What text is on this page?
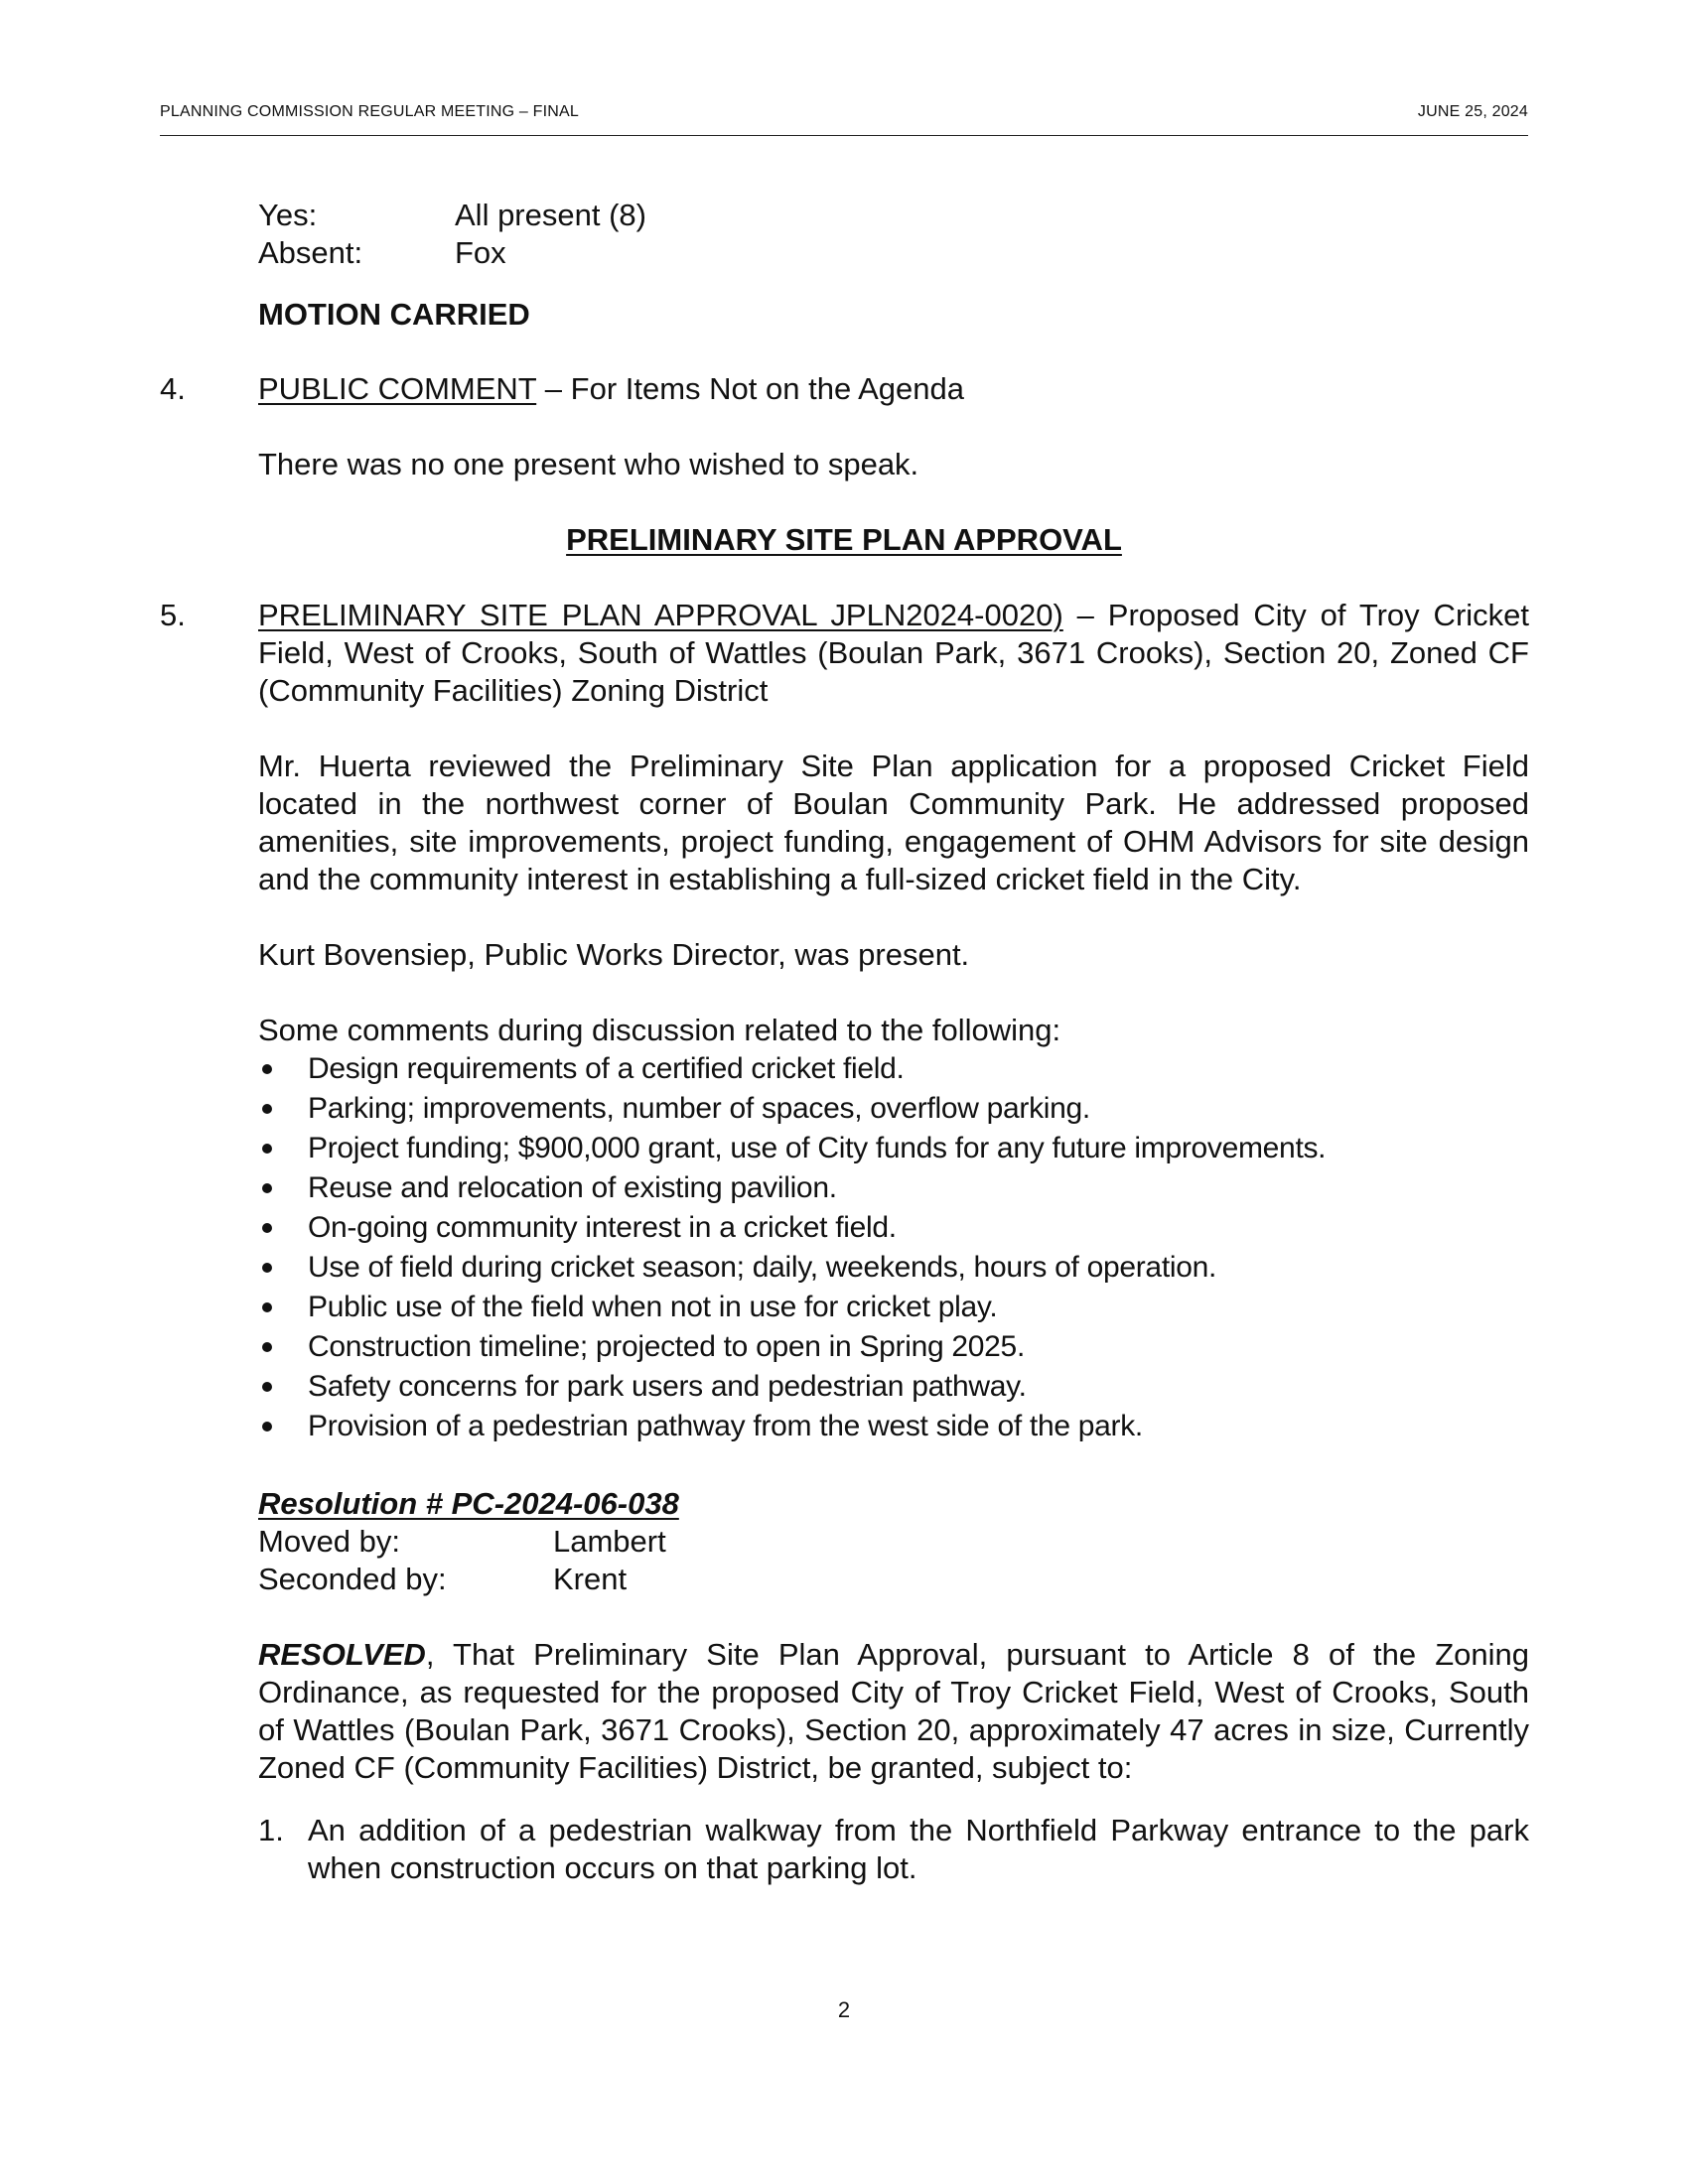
PLANNING COMMISSION REGULAR MEETING – FINAL	JUNE 25, 2024
Yes:	All present (8)
Absent:	Fox
MOTION CARRIED
4. PUBLIC COMMENT – For Items Not on the Agenda
There was no one present who wished to speak.
PRELIMINARY SITE PLAN APPROVAL
5. PRELIMINARY SITE PLAN APPROVAL JPLN2024-0020) – Proposed City of Troy Cricket Field, West of Crooks, South of Wattles (Boulan Park, 3671 Crooks), Section 20, Zoned CF (Community Facilities) Zoning District
Mr. Huerta reviewed the Preliminary Site Plan application for a proposed Cricket Field located in the northwest corner of Boulan Community Park. He addressed proposed amenities, site improvements, project funding, engagement of OHM Advisors for site design and the community interest in establishing a full-sized cricket field in the City.
Kurt Bovensiep, Public Works Director, was present.
Some comments during discussion related to the following:
Design requirements of a certified cricket field.
Parking; improvements, number of spaces, overflow parking.
Project funding; $900,000 grant, use of City funds for any future improvements.
Reuse and relocation of existing pavilion.
On-going community interest in a cricket field.
Use of field during cricket season; daily, weekends, hours of operation.
Public use of the field when not in use for cricket play.
Construction timeline; projected to open in Spring 2025.
Safety concerns for park users and pedestrian pathway.
Provision of a pedestrian pathway from the west side of the park.
Resolution # PC-2024-06-038
Moved by:	Lambert
Seconded by:	Krent
RESOLVED, That Preliminary Site Plan Approval, pursuant to Article 8 of the Zoning Ordinance, as requested for the proposed City of Troy Cricket Field, West of Crooks, South of Wattles (Boulan Park, 3671 Crooks), Section 20, approximately 47 acres in size, Currently Zoned CF (Community Facilities) District, be granted, subject to:
1. An addition of a pedestrian walkway from the Northfield Parkway entrance to the park when construction occurs on that parking lot.
2
